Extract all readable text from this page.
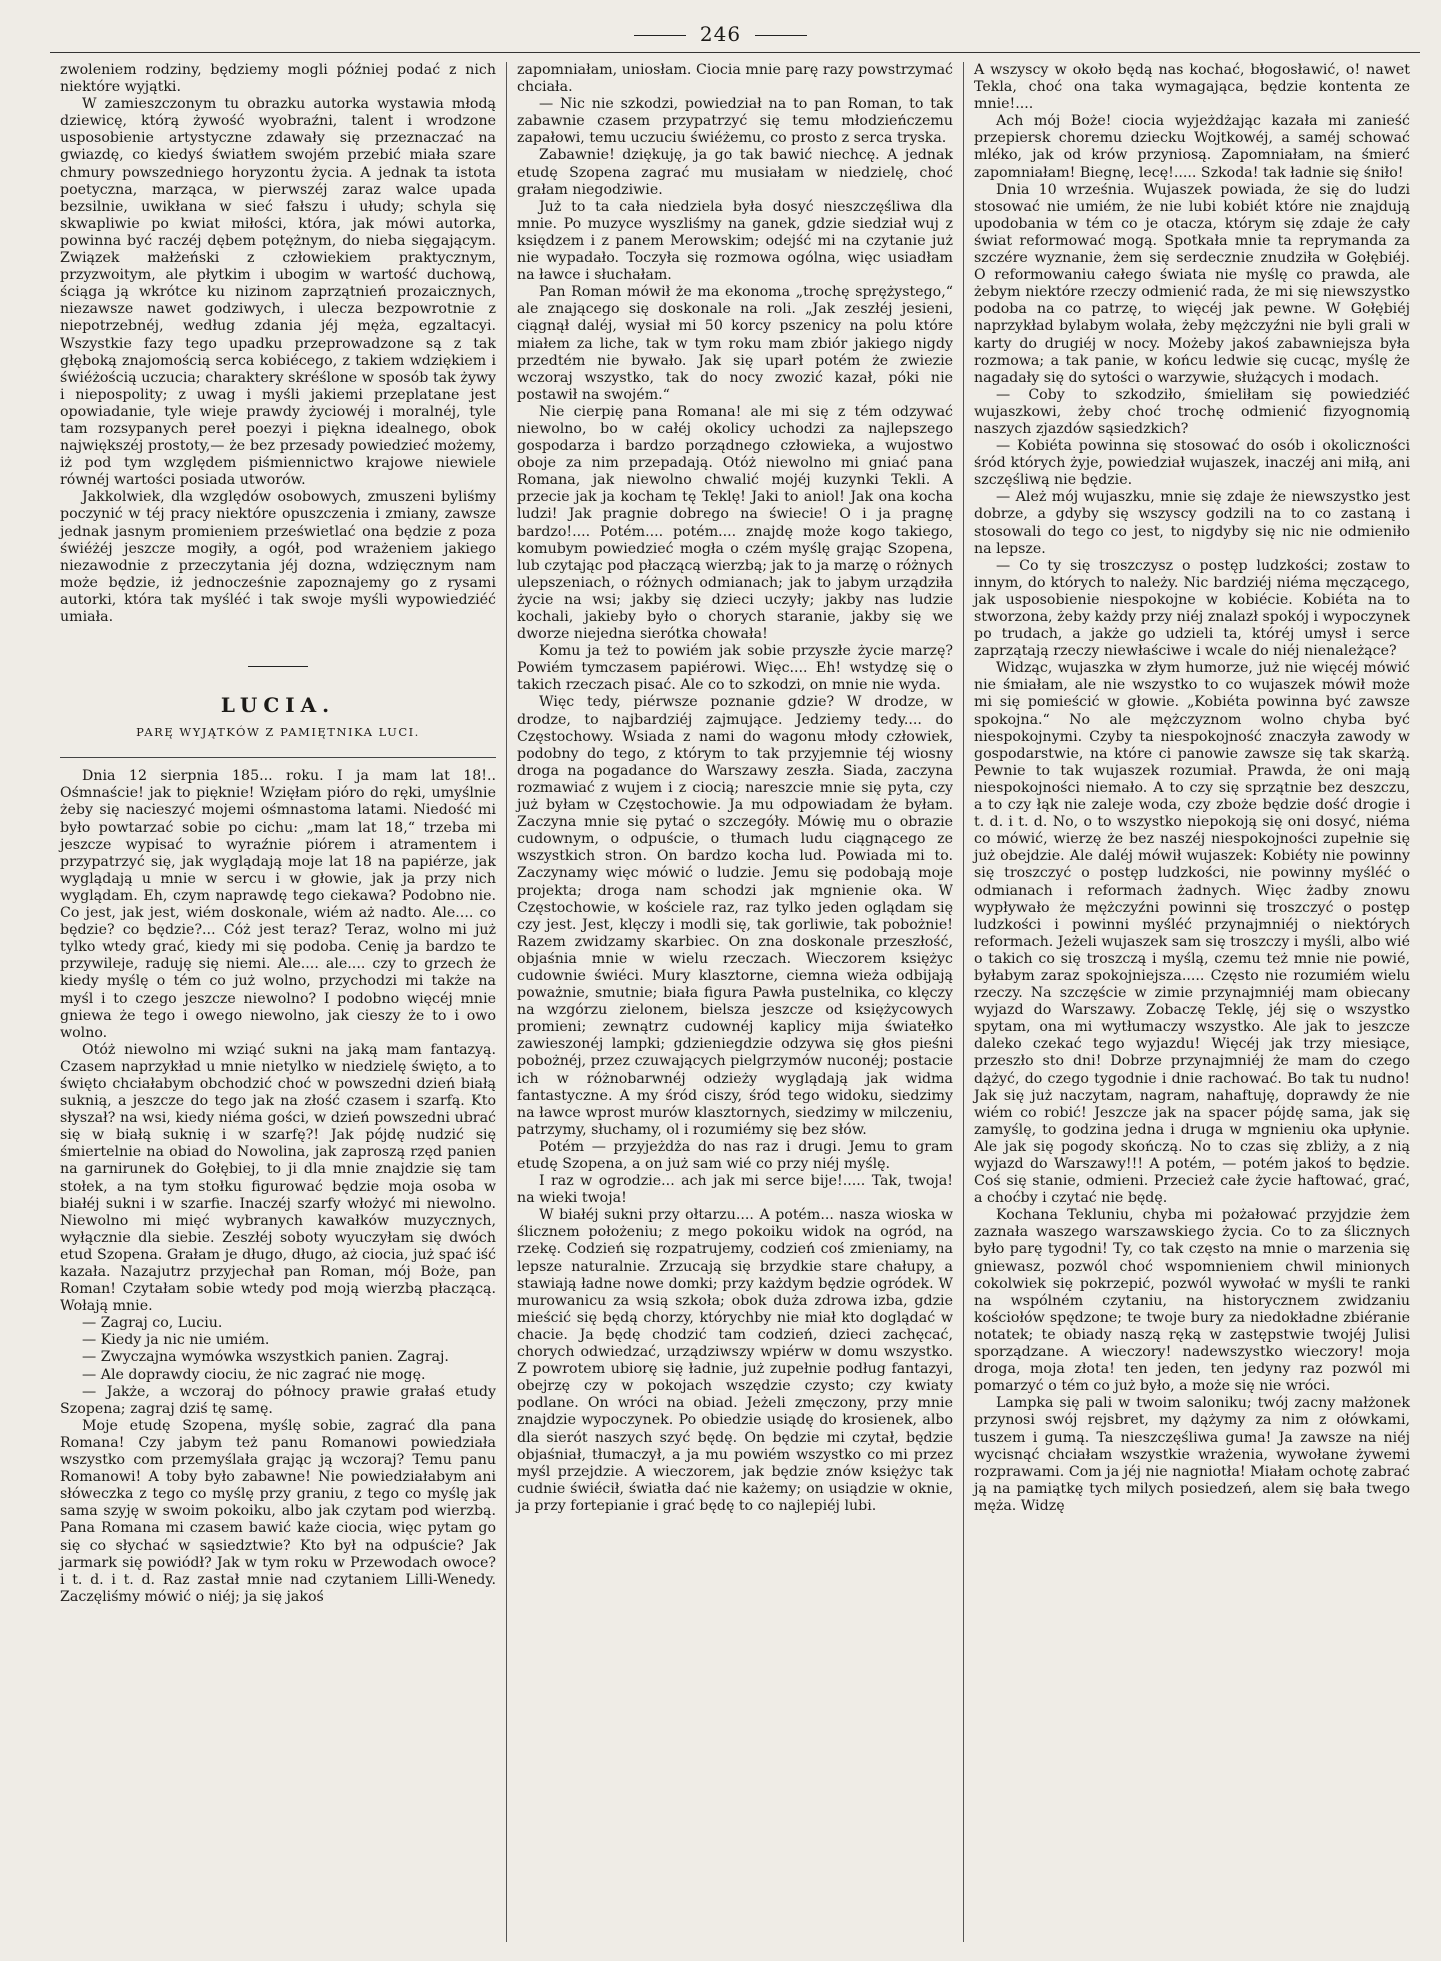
246

zwoleniem rodziny, będziemy mogli później podać z nich niektóre wyjątki.

W zamieszczonym tu obrazku autorka wystawia młodą dziewicę, którą żywość wyobraźni, talent i wrodzone usposobienie artystyczne zdawały się przeznaczać na gwiazdę, co kiedyś światłem swojém przebić miała szare chmury powszedniego horyzontu życia. A jednak ta istota poetyczna, marząca, w pierwszéj zaraz walce upada bezsilnie, uwikłana w sieć fałszu i ułudy; schyla się skwapliwie po kwiat miłości, która, jak mówi autorka, powinna być raczéj dębem potężnym, do nieba sięgającym. Związek małżeński z człowiekiem praktycznym, przyzwoitym, ale płytkim i ubogim w wartość duchową, ściąga ją wkrótce ku nizinom zaprzątnień prozaicznych, niezawsze nawet godziwych, i ulecza bezpowrotnie z niepotrzebnéj, według zdania jéj męża, egzaltacyi. Wszystkie fazy tego upadku przeprowadzone są z tak głęboką znajomością serca kobiécego, z takiem wdziękiem i świéżością uczucia; charaktery skréślone w sposób tak żywy i niepospolity; z uwag i myśli jakiemi przeplatane jest opowiadanie, tyle wieje prawdy życiowéj i moralnéj, tyle tam rozsypanych pereł poezyi i piękna idealnego, obok największéj prostoty,— że bez przesady powiedzieć możemy, iż pod tym względem piśmiennictwo krajowe niewiele równéj wartości posiada utworów.

Jakkolwiek, dla względów osobowych, zmuszeni byliśmy poczynić w téj pracy niektóre opuszczenia i zmiany, zawsze jednak jasnym promieniem prześwietlać ona będzie z poza świéżéj jeszcze mogiły, a ogół, pod wrażeniem jakiego niezawodnie z przeczytania jéj doznа, wdzięcznym nam może będzie, iż jednocześnie zapoznajemy go z rysami autorki, która tak myśléć i tak swoje myśli wypowiedziéć umiała.

LUCIA.
PARĘ WYJĄTKÓW Z PAMIĘTNIKA LUCI.

Dnia 12 sierpnia 185... roku. I ja mam lat 18!.. Ośmnaście! jak to pięknie! Wzięłam pióro do ręki, umyślnie żeby się nacieszyć mojemi ośmnastoma latami. Niedość mi było powtarzać sobie po cichu: „mam lat 18,“ trzeba mi jeszcze wypisać to wyraźnie piórem i atramentem i przypatrzyć się, jak wyglądają moje lat 18 na papiérze, jak wyglądają u mnie w sercu i w głowie, jak ja przy nich wyglądam. Eh, czym naprawdę tego ciekawa? Podobno nie. Co jest, jak jest, wiém doskonale, wiém aż nadto. Ale.... co będzie? co będzie?... Cóż jest teraz? Teraz, wolno mi już tylko wtedy grać, kiedy mi się podoba. Cenię ja bardzo te przywileje, raduję się niemi. Ale.... ale.... czy to grzech że kiedy myślę o tém co już wolno, przychodzi mi także na myśl i to czego jeszcze niewolno? I podobno więcéj mnie gniewa że tego i owego niewolno, jak cieszy że to i owo wolno.

Otóż niewolno mi wziąć sukni na jaką mam fantazyą. Czasem naprzykład u mnie nietylko w niedzielę święto, a to święto chciałabym obchodzić choć w powszedni dzień białą suknią, a jeszcze do tego jak na złość czasem i szarfą. Kto słyszał? na wsi, kiedy niéma gości, w dzień powszedni ubrać się w białą suknię i w szarfę?! Jak pójdę nudzić się śmiertelnie na obiad do Nowolina, jak zaproszą rzęd panien na garnirunek do Gołębiej, to ji dla mnie znajdzie się tam stołek, a na tym stołku figurować będzie moja osoba w białéj sukni i w szarfie. Inaczéj szarfy włożyć mi niewolno. Niewolno mi mięć wybranych kawałków muzycznych, wyłącznie dla siebie. Zeszłéj soboty wyuczyłam się dwóch etud Szopena. Grałam je długo, długo, aż ciocia, już spać iść kazała. Nazajutrz przyjechał pan Roman, mój Boże, pan Roman! Czytałam sobie wtedy pod moją wierzbą płaczącą. Wołają mnie.

— Zagraj co, Luciu.

— Kiedy ja nic nie umiém.

— Zwyczajna wymówka wszystkich panien. Zagraj.

— Ale doprawdy ciociu, że nic zagrać nie mogę.

— Jakże, a wczoraj do północy prawie grałaś etudy Szopena; zagraj dziś tę samę.

Moje etudę Szopena, myślę sobie, zagrać dla pana Romana! Czy jabym też panu Romanowi powiedziała wszystko com przemyślała grając ją wczoraj? Temu panu Romanowi! A toby było zabawne! Nie powiedziałabym ani słóweczka z tego co myślę przy graniu, z tego co myślę jak sama szyję w swoim pokoiku, albo jak czytam pod wierzbą. Pana Romana mi czasem bawić każe ciocia, więc pytam go się co słychać w sąsiedztwie? Kto był na odpuście? Jak jarmark się powiódł? Jak w tym roku w Przewodach owoce? i t. d. i t. d. Raz zastał mnie nad czytaniem Lilli-Wenedy. Zaczęliśmy mówić o niéj; ja się jakoś

zapomniałam, uniosłam. Ciocia mnie parę razy powstrzymać chciała.

— Nic nie szkodzi, powiedział na to pan Roman, to tak zabawnie czasem przypatrzyć się temu młodzieńczemu zapałowi, temu uczuciu świéżemu, co prosto z serca tryska.

Zabawnie! dziękuję, ja go tak bawić niechcę. A jednak etudę Szopena zagrać mu musiałam w niedzielę, choć grałam niegodziwie.

Już to ta cała niedziela była dosyć nieszczęśliwa dla mnie. Po muzyce wyszliśmy na ganek, gdzie siedział wuj z księdzem i z panem Merowskim; odejść mi na czytanie już nie wypadało. Toczyła się rozmowa ogólna, więc usiadłam na ławce i słuchałam.

Pan Roman mówił że ma ekonoma „trochę sprężystego,“ ale znającego się doskonale na roli. „Jak zeszłéj jesieni, ciągnął daléj, wysiał mi 50 korcy pszenicy na polu które miałem za liche, tak w tym roku mam zbiór jakiego nigdy przedtém nie bywało. Jak się uparł potém że zwiezie wczoraj wszystko, tak do nocy zwozić kazał, póki nie postawił na swojém.“

Nie cierpię pana Romana! ale mi się z tém odzywać niewolno, bo w całéj okolicy uchodzi za najlepszego gospodarza i bardzo porządnego człowieka, a wujostwo oboje za nim przepadają. Otóż niewolno mi gniać pana Romana, jak niewolno chwalić mojéj kuzynki Tekli. A przecie jak ja kocham tę Teklę! Jaki to aniol! Jak ona kocha ludzi! Jak pragnie dobrego na świecie! O i ja pragnę bardzo!.... Potém.... potém.... znajdę może kogo takiego, komubym powiedzieć mogła o czém myślę grając Szopena, lub czytając pod płaczącą wierzbą; jak to ja marzę o różnych ulepszeniach, o różnych odmianach; jak to jabym urządziła życie na wsi; jakby się dzieci uczyły; jakby nas ludzie kochali, jakieby było o chorych staranie, jakby się we dworze niejedna sierótka chowała!

Komu ja też to powiém jak sobie przyszłe życie marzę? Powiém tymczasem papiérowi. Więc.... Eh! wstydzę się o takich rzeczach pisać. Ale co to szkodzi, on mnie nie wyda.

Więc tedy, piérwsze poznanie gdzie? W drodze, w drodze, to najbardziéj zajmujące. Jedziemy tedy.... do Częstochowy. Wsiada z nami do wagonu młody człowiek, podobny do tego, z którym to tak przyjemnie téj wiosny droga na pogadance do Warszawy zeszła. Siada, zaczyna rozmawiać z wujem i z ciocią; nareszcie mnie się pyta, czy już byłam w Częstochowie. Ja mu odpowiadam że byłam. Zaczyna mnie się pytać o szczegóły. Mówię mu o obrazie cudownym, o odpuście, o tłumach ludu ciągnącego ze wszystkich stron. On bardzo kocha lud. Powiada mi to. Zaczynamy więc mówić o ludzie. Jemu się podobają moje projekta; droga nam schodzi jak mgnienie oka. W Częstochowie, w kościele raz, raz tylko jeden oglądam się czy jest. Jest, klęczy i modli się, tak gorliwie, tak pobożnie! Razem zwidzamy skarbiec. On zna doskonale przeszłość, objaśnia mnie w wielu rzeczach. Wieczorem księżyc cudownie świéci. Mury klasztorne, ciemna wieża odbijają poważnie, smutnie; biała figura Pawła pustelnika, co klęczy na wzgórzu zielonem, bielsza jeszcze od księżycowych promieni; zewnątrz cudownéj kaplicy mija światełko zawieszonéj lampki; gdzieniegdzie odzywa się głos pieśni pobożnéj, przez czuwających pielgrzymów nuconéj; postacie ich w różnobarwnéj odzieży wyglądają jak widma fantastyczne. A my śród ciszy, śród tego widoku, siedzimy na ławce wprost murów klasztornych, siedzimy w milczeniu, patrzymy, słuchamy, ol i rozumiémy się bez słów.

Potém — przyjeżdża do nas raz i drugi. Jemu to gram etudę Szopena, a on już sam wié co przy niéj myślę.

I raz w ogrodzie... ach jak mi serce bije!..... Tak, twoja! na wieki twoja!

W białéj sukni przy ołtarzu.... A potém... nasza wioska w ślicznem położeniu; z mego pokoiku widok na ogród, na rzekę. Codzień się rozpatrujemy, codzień coś zmieniamy, na lepsze naturalnie. Zrzucają się brzydkie stare chałupy, a stawiają ładne nowe domki; przy każdym będzie ogródek. W murowanicu za wsią szkoła; obok duża zdrowa izba, gdzie mieścić się będą chorzy, którychby nie miał kto doglądać w chacie. Ja będę chodzić tam codzień, dzieci zachęcać, chorych odwiedzać, urządziwszy wpiérw w domu wszystko. Z powrotem ubiorę się ładnie, już zupełnie podług fantazyi, obejrzę czy w pokojach wszędzie czysto; czy kwiaty podlane. On wróci na obiad. Jeżeli zmęczony, przy mnie znajdzie wypoczynek. Po obiedzie usiądę do krosienek, albo dla sierót naszych szyć będę. On będzie mi czytał, będzie objaśniał, tłumaczył, a ja mu powiém wszystko co mi przez myśl przejdzie. A wieczorem, jak będzie znów księżyc tak cudnie świécił, światła dać nie każemy; on usiądzie w oknie, ja przy fortepianie i grać będę to co najlepiéj lubi.

A wszyscy w około będą nas kochać, błogosławić, o! nawet Tekla, choć ona taka wymagająca, będzie kontenta ze mnie!....

Ach mój Boże! ciocia wyjeżdżając kazała mi zanieść przepiersk choremu dziecku Wojtkowéj, a saméj schować mléko, jak od krów przyniosą. Zapomniałam, na śmierć zapomniałam! Biegnę, lecę!..... Szkoda! tak ładnie się śniło!

Dnia 10 września. Wujaszek powiada, że się do ludzi stosować nie umiém, że nie lubi kobiét które nie znajdują upodobania w tém co je otacza, którym się zdaje że cały świat reformować mogą. Spotkała mnie ta reprymanda za szczére wyznanie, żem się serdecznie znudziła w Gołębiéj. O reformowaniu całego świata nie myślę co prawda, ale żebym niektóre rzeczy odmienić rada, że mi się niewszystko podoba na co patrzę, to więcéj jak pewne. W Gołębiéj naprzykład bylabym wolała, żeby mężczyźni nie byli grali w karty do drugiéj w nocy. Możeby jakoś zabawniejsza była rozmowa; a tak panie, w końcu ledwie się cucąc, myślę że nagadały się do sytości o warzywie, służących i modach.

— Coby to szkodziło, śmieliłam się powiedziéć wujaszkowi, żeby choć trochę odmienić fizyognomią naszych zjazdów sąsiedzkich?

— Kobiéta powinna się stosować do osób i okoliczności śród których żyje, powiedział wujaszek, inaczéj ani miłą, ani szczęśliwą nie będzie.

— Ależ mój wujaszku, mnie się zdaje że niewszystko jest dobrze, a gdyby się wszyscy godzili na to co zastaną i stosowali do tego co jest, to nigdyby się nic nie odmieniło na lepsze.

— Co ty się troszczysz o postęp ludzkości; zostaw to innym, do których to należy. Nic bardziéj niéma męczącego, jak usposobienie niespokojne w kobiécie. Kobiéta na to stworzona, żeby każdy przy niéj znalazł spokój i wypoczynek po trudach, a jakże go udzieli ta, któréj umysł i serce zaprzątają rzeczy niewłaściwe i wcale do niéj nienależące?

Widząc, wujaszka w złym humorze, już nie więcéj mówić nie śmiałam, ale nie wszystko to co wujaszek mówił może mi się pomieścić w głowie. „Kobiéta powinna być zawsze spokojna.“ No ale mężczyznom wolno chyba być niespokojnymi. Czyby ta niespokojność znaczyła zawody w gospodarstwie, na które ci panowie zawsze się tak skarżą. Pewnie to tak wujaszek rozumiał. Prawda, że oni mają niespokojności niemało. A to czy się sprzątnie bez deszczu, a to czy łąk nie zaleje woda, czy zboże będzie dość drogie i t. d. i t. d. No, o to wszystko niepokoją się oni dosyć, niéma co mówić, wierzę że bez naszéj niespokojności zupełnie się już obejdzie. Ale daléj mówił wujaszek: Kobiéty nie powinny się troszczyć o postęp ludzkości, nie powinny myśléć o odmianach i reformach żadnych. Więc żadby znowu wypływało że mężczyźni powinni się troszczyć o postęp ludzkości i powinni myśléć przynajmniéj o niektórych reformach. Jeżeli wujaszek sam się troszczy i myśli, albo wié o takich co się troszczą i myślą, czemu też mnie nie powié, byłabym zaraz spokojniejsza..... Często nie rozumiém wielu rzeczy. Na szczęście w zimie przynajmniéj mam obiecany wyjazd do Warszawy. Zobaczę Teklę, jéj się o wszystko spytam, ona mi wytłumaczy wszystko. Ale jak to jeszcze daleko czekać tego wyjazdu! Więcéj jak trzy miesiące, przeszło sto dni! Dobrze przynajmniéj że mam do czego dążyć, do czego tygodnie i dnie rachować. Bo tak tu nudno! Jak się już naczytam, nagram, nahaftuję, doprawdy że nie wiém co robić! Jeszcze jak na spacer pójdę sama, jak się zamyślę, to godzina jedna i druga w mgnieniu oka upłynie. Ale jak się pogody skończą. No to czas się zbliży, a z nią wyjazd do Warszawy!!! A potém, — potém jakoś to będzie. Coś się stanie, odmieni. Przecież całe życie haftować, grać, a choćby i czytać nie będę.

Kochana Tekluniu, chyba mi pożałować przyjdzie żem zaznała waszego warszawskiego życia. Co to za ślicznych było parę tygodni! Ty, co tak często na mnie o marzenia się gniewasz, pozwól choć wspomnieniem chwil minionych cokolwiek się pokrzepić, pozwól wywołać w myśli te ranki na wspólném czytaniu, na historycznem zwidzaniu kościołów spędzone; te twoje bury za niedokładne zbiéranie notatek; te obiady naszą ręką w zastępstwie twojéj Julisi sporządzane. A wieczory! nadewszystko wieczory! moja droga, moja złota! ten jeden, ten jedyny raz pozwól mi pomarzyć o tém co już było, a może się nie wróci.

Lampka się pali w twoim saloniku; twój zacny małżonek przynosi swój rejsbret, my dążymy za nim z ołówkami, tuszem i gumą. Ta nieszczęśliwa guma! Ja zawsze na niéj wycisnąć chciałam wszystkie wrażenia, wywołane żywemi rozprawami. Com ja jéj nie nagniotła! Miałam ochotę zabrać ją na pamiątkę tych milych posiedzeń, alem się bała twego męża. Widzę
